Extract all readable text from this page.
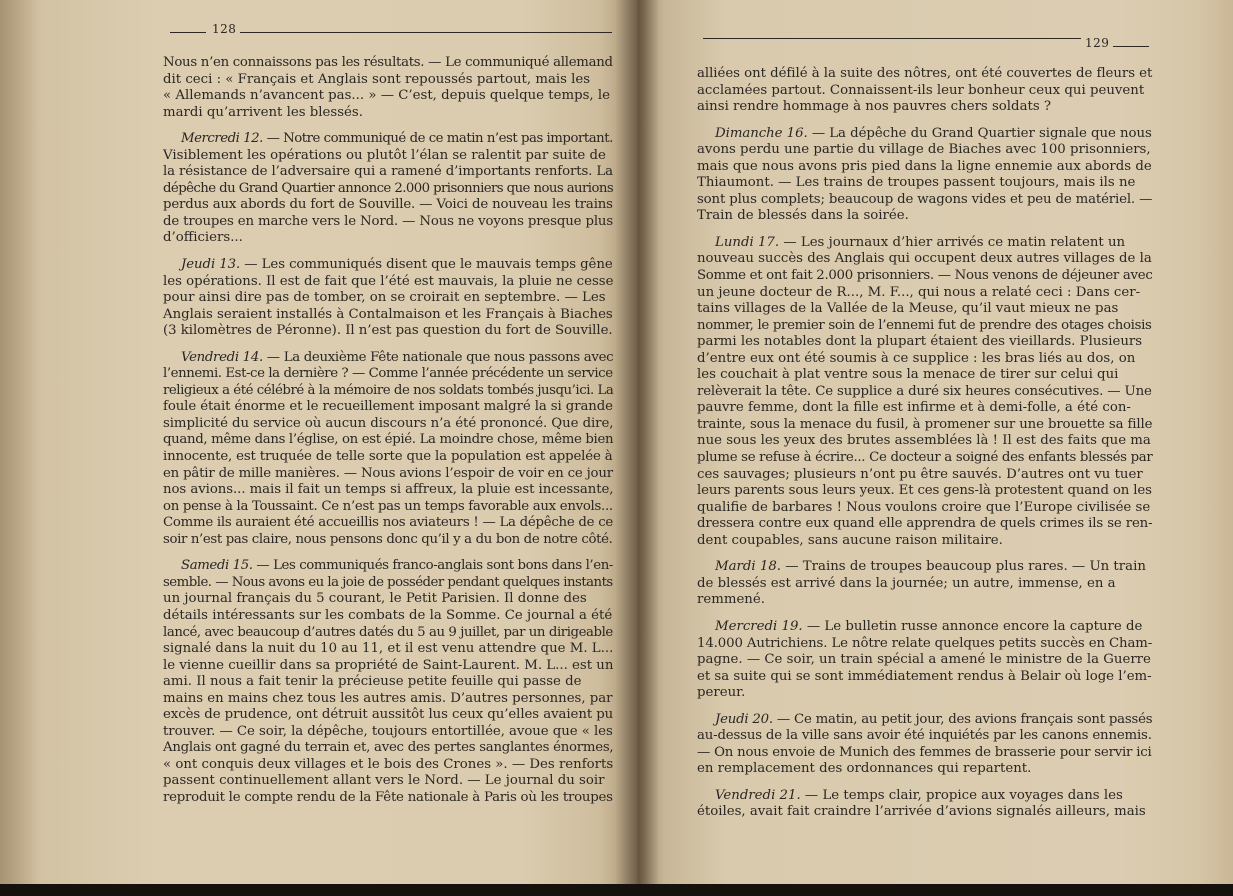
128

Nous n’en connaissons pas les résultats. — Le communiqué allemand
dit ceci : « Français et Anglais sont repoussés partout, mais les
« Allemands n’avancent pas... » — C’est, depuis quelque temps, le
mardi qu’arrivent les blessés.

Mercredi 12. — Notre communiqué de ce matin n’est pas important.
Visiblement les opérations ou plutôt l’élan se ralentit par suite de
la résistance de l’adversaire qui a ramené d’importants renforts. La
dépêche du Grand Quartier annonce 2.000 prisonniers que nous aurions
perdus aux abords du fort de Souville. — Voici de nouveau les trains
de troupes en marche vers le Nord. — Nous ne voyons presque plus
d’officiers...

Jeudi 13. — Les communiqués disent que le mauvais temps gêne
les opérations. Il est de fait que l’été est mauvais, la pluie ne cesse
pour ainsi dire pas de tomber, on se croirait en septembre. — Les
Anglais seraient installés à Contalmaison et les Français à Biaches
(3 kilomètres de Péronne). Il n’est pas question du fort de Souville.

Vendredi 14. — La deuxième Fête nationale que nous passons avec
l’ennemi. Est-ce la dernière ? — Comme l’année précédente un service
religieux a été célébré à la mémoire de nos soldats tombés jusqu’ici. La
foule était énorme et le recueillement imposant malgré la si grande
simplicité du service où aucun discours n’a été prononcé. Que dire,
quand, même dans l’église, on est épié. La moindre chose, même bien
innocente, est truquée de telle sorte que la population est appelée à
en pâtir de mille manières. — Nous avions l’espoir de voir en ce jour
nos avions... mais il fait un temps si affreux, la pluie est incessante,
on pense à la Toussaint. Ce n’est pas un temps favorable aux envols...
Comme ils auraient été accueillis nos aviateurs ! — La dépêche de ce
soir n’est pas claire, nous pensons donc qu’il y a du bon de notre côté.

Samedi 15. — Les communiqués franco-anglais sont bons dans l’en-
semble. — Nous avons eu la joie de posséder pendant quelques instants
un journal français du 5 courant, le Petit Parisien. Il donne des
détails intéressants sur les combats de la Somme. Ce journal a été
lancé, avec beaucoup d’autres datés du 5 au 9 juillet, par un dirigeable
signalé dans la nuit du 10 au 11, et il est venu attendre que M. L...
le vienne cueillir dans sa propriété de Saint-Laurent. M. L... est un
ami. Il nous a fait tenir la précieuse petite feuille qui passe de
mains en mains chez tous les autres amis. D’autres personnes, par
excès de prudence, ont détruit aussitôt lus ceux qu’elles avaient pu
trouver. — Ce soir, la dépêche, toujours entortillée, avoue que « les
Anglais ont gagné du terrain et, avec des pertes sanglantes énormes,
« ont conquis deux villages et le bois des Crones ». — Des renforts
passent continuellement allant vers le Nord. — Le journal du soir
reproduit le compte rendu de la Fête nationale à Paris où les troupes

129

alliées ont défilé à la suite des nôtres, ont été couvertes de fleurs et
acclamées partout. Connaissent-ils leur bonheur ceux qui peuvent
ainsi rendre hommage à nos pauvres chers soldats ?

Dimanche 16. — La dépêche du Grand Quartier signale que nous
avons perdu une partie du village de Biaches avec 100 prisonniers,
mais que nous avons pris pied dans la ligne ennemie aux abords de
Thiaumont. — Les trains de troupes passent toujours, mais ils ne
sont plus complets; beaucoup de wagons vides et peu de matériel. —
Train de blessés dans la soirée.

Lundi 17. — Les journaux d’hier arrivés ce matin relatent un
nouveau succès des Anglais qui occupent deux autres villages de la
Somme et ont fait 2.000 prisonniers. — Nous venons de déjeuner avec
un jeune docteur de R..., M. F..., qui nous a relaté ceci : Dans cer-
tains villages de la Vallée de la Meuse, qu’il vaut mieux ne pas
nommer, le premier soin de l’ennemi fut de prendre des otages choisis
parmi les notables dont la plupart étaient des vieillards. Plusieurs
d’entre eux ont été soumis à ce supplice : les bras liés au dos, on
les couchait à plat ventre sous la menace de tirer sur celui qui
relèverait la tête. Ce supplice a duré six heures consécutives. — Une
pauvre femme, dont la fille est infirme et à demi-folle, a été con-
trainte, sous la menace du fusil, à promener sur une brouette sa fille
nue sous les yeux des brutes assemblées là ! Il est des faits que ma
plume se refuse à écrire... Ce docteur a soigné des enfants blessés par
ces sauvages; plusieurs n’ont pu être sauvés. D’autres ont vu tuer
leurs parents sous leurs yeux. Et ces gens-là protestent quand on les
qualifie de barbares ! Nous voulons croire que l’Europe civilisée se
dressera contre eux quand elle apprendra de quels crimes ils se ren-
dent coupables, sans aucune raison militaire.

Mardi 18. — Trains de troupes beaucoup plus rares. — Un train
de blessés est arrivé dans la journée; un autre, immense, en a
remmené.

Mercredi 19. — Le bulletin russe annonce encore la capture de
14.000 Autrichiens. Le nôtre relate quelques petits succès en Cham-
pagne. — Ce soir, un train spécial a amené le ministre de la Guerre
et sa suite qui se sont immédiatement rendus à Belair où loge l’em-
pereur.

Jeudi 20. — Ce matin, au petit jour, des avions français sont passés
au-dessus de la ville sans avoir été inquiétés par les canons ennemis.
— On nous envoie de Munich des femmes de brasserie pour servir ici
en remplacement des ordonnances qui repartent.

Vendredi 21. — Le temps clair, propice aux voyages dans les
étoiles, avait fait craindre l’arrivée d’avions signalés ailleurs, mais
